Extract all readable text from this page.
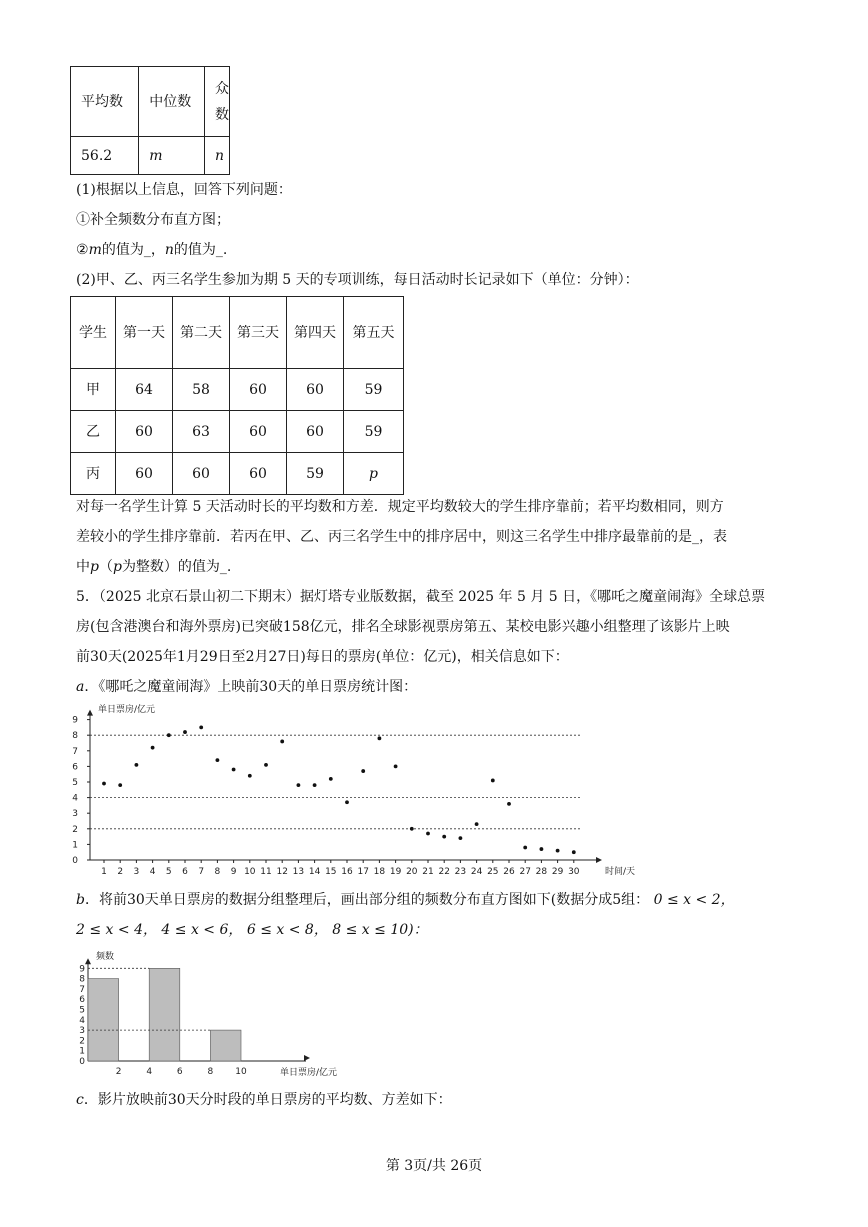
平均数	中位数	众数
56.2	m	n
(1)根据以上信息，回答下列问题：
①补全频数分布直方图；
②m的值为_，n的值为_.
(2)甲、乙、丙三名学生参加为期 5 天的专项训练，每日活动时长记录如下（单位：分钟）：
学生	第一天	第二天	第三天	第四天	第五天
甲	64	58	60	60	59
乙	60	63	60	60	59
丙	60	60	60	59	p
对每一名学生计算 5 天活动时长的平均数和方差．规定平均数较大的学生排序靠前；若平均数相同，则方
差较小的学生排序靠前．若丙在甲、乙、丙三名学生中的排序居中，则这三名学生中排序最靠前的是_，表
中p（p为整数）的值为_.
5．（2025 北京石景山初二下期末）据灯塔专业版数据，截至 2025 年 5 月 5 日，《哪吒之魔童闹海》全球总票
房(包含港澳台和海外票房)已突破158亿元，排名全球影视票房第五、某校电影兴趣小组整理了该影片上映
前30天(2025年1月29日至2月27日)每日的票房(单位：亿元)，相关信息如下：
a．《哪吒之魔童闹海》上映前30天的单日票房统计图：
0
1
2
3
4
5
6
7
8
9
1 2 3 4 5 6 7 8 9 10 11 12 13 14 15 16 17 18 19 20 21 22 23 24 25 26 27 28 29 30
单日票房/亿元
时间/天
b．将前30天单日票房的数据分组整理后，画出部分组的频数分布直方图如下(数据分成5组： 0 ≤ x < 2，
2 ≤ x < 4， 4 ≤ x < 6， 6 ≤ x < 8， 8 ≤ x ≤ 10)：
0
1
2
3
4
5
6
7
8
9
2	4	6	8 10
频数
单日票房/亿元
c．影片放映前30天分时段的单日票房的平均数、方差如下：
第 3页/共 26页
